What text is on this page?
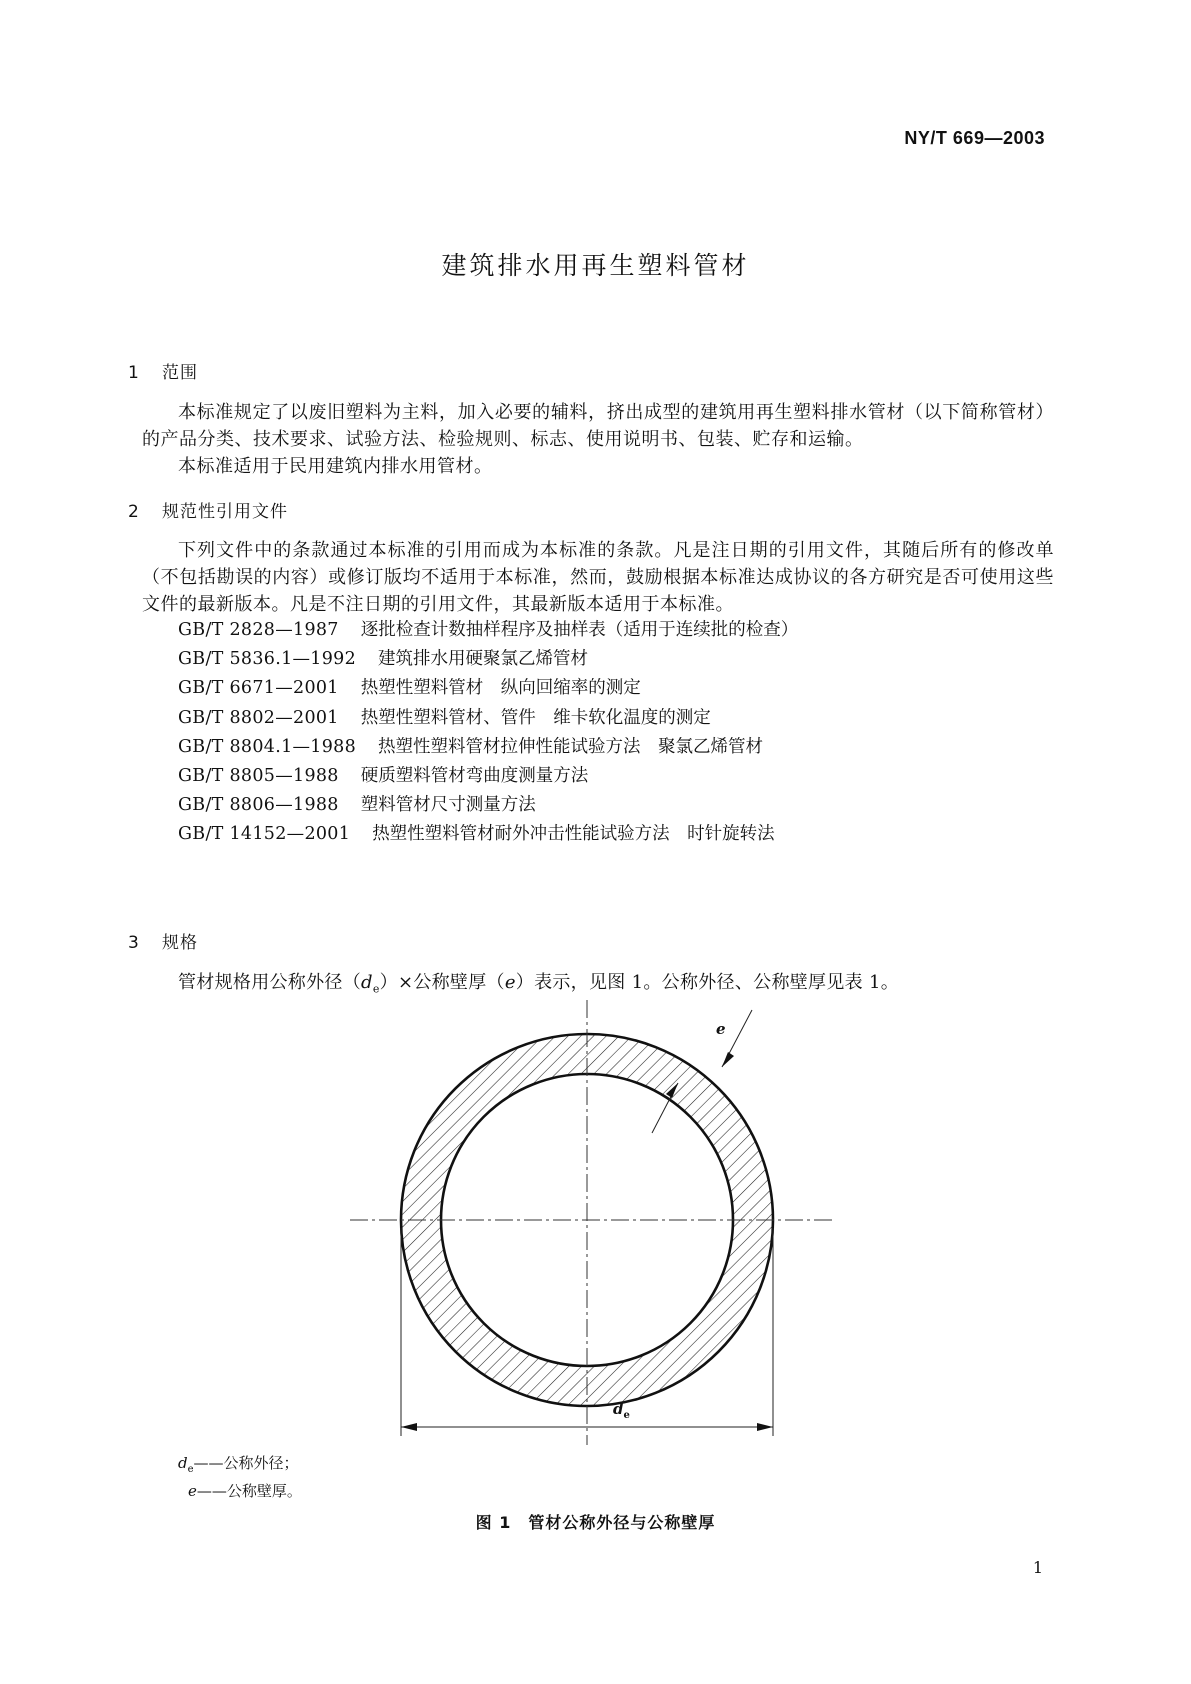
NY/T 669—2003
建筑排水用再生塑料管材
1 范围

本标准规定了以废旧塑料为主料，加入必要的辅料，挤出成型的建筑用再生塑料排水管材（以下简称管材）的产品分类、技术要求、试验方法、检验规则、标志、使用说明书、包装、贮存和运输。

本标准适用于民用建筑内排水用管材。

2 规范性引用文件

下列文件中的条款通过本标准的引用而成为本标准的条款。凡是注日期的引用文件，其随后所有的修改单（不包括勘误的内容）或修订版均不适用于本标准，然而，鼓励根据本标准达成协议的各方研究是否可使用这些文件的最新版本。凡是不注日期的引用文件，其最新版本适用于本标准。

GB/T 2828—1987 逐批检查计数抽样程序及抽样表（适用于连续批的检查）
GB/T 5836.1—1992 建筑排水用硬聚氯乙烯管材
GB/T 6671—2001 热塑性塑料管材　纵向回缩率的测定
GB/T 8802—2001 热塑性塑料管材、管件　维卡软化温度的测定
GB/T 8804.1—1988 热塑性塑料管材拉伸性能试验方法　聚氯乙烯管材
GB/T 8805—1988 硬质塑料管材弯曲度测量方法
GB/T 8806—1988 塑料管材尺寸测量方法
GB/T 14152—2001 热塑性塑料管材耐外冲击性能试验方法　时针旋转法
3 规格
管材规格用公称外径$(d_e)\times$公称壁厚（e）表示，见图 1。公称外径、公称壁厚见表 1。
e
$d_e$
$d_e——$公称外径；
e——公称壁厚。
图 1　管材公称外径与公称壁厚
1
